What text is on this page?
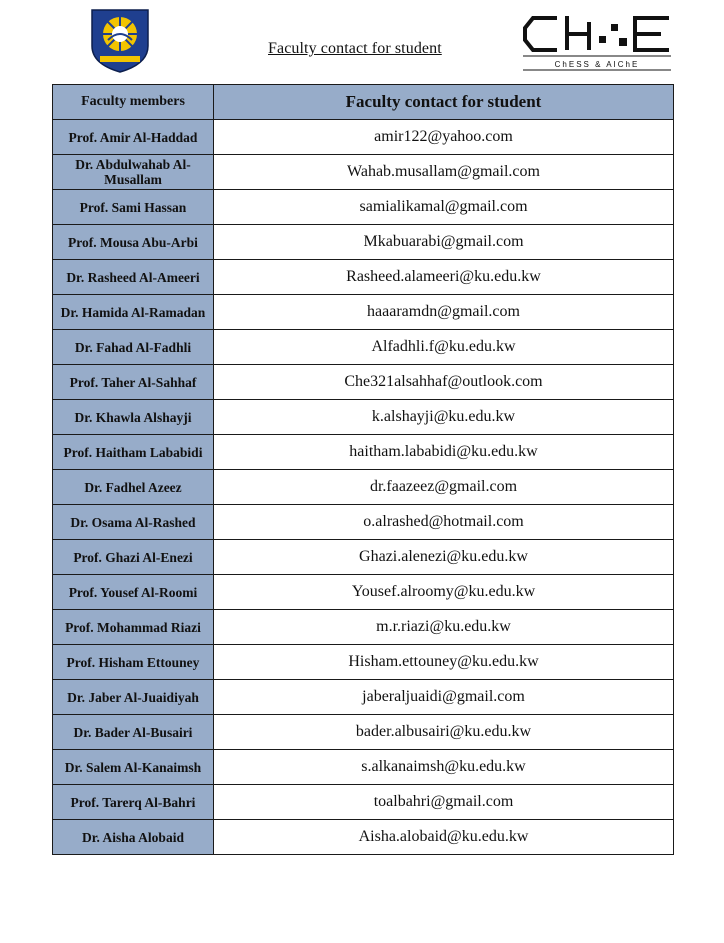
Faculty contact for student
ChESS & AIChE
Faculty members	Faculty contact for student
Prof. Amir Al-Haddad	amir122@yahoo.com
Dr. Abdulwahab Al-Musallam	Wahab.musallam@gmail.com
Prof. Sami Hassan	samialikamal@gmail.com
Prof. Mousa Abu-Arbi	Mkabuarabi@gmail.com
Dr. Rasheed Al-Ameeri	Rasheed.alameeri@ku.edu.kw
Dr. Hamida Al-Ramadan	haaaramdn@gmail.com
Dr. Fahad Al-Fadhli	Alfadhli.f@ku.edu.kw
Prof. Taher Al-Sahhaf	Che321alsahhaf@outlook.com
Dr. Khawla Alshayji	k.alshayji@ku.edu.kw
Prof. Haitham Lababidi	haitham.lababidi@ku.edu.kw
Dr. Fadhel Azeez	dr.faazeez@gmail.com
Dr. Osama Al-Rashed	o.alrashed@hotmail.com
Prof. Ghazi Al-Enezi	Ghazi.alenezi@ku.edu.kw
Prof. Yousef Al-Roomi	Yousef.alroomy@ku.edu.kw
Prof. Mohammad Riazi	m.r.riazi@ku.edu.kw
Prof. Hisham Ettouney	Hisham.ettouney@ku.edu.kw
Dr. Jaber Al-Juaidiyah	jaberaljuaidi@gmail.com
Dr. Bader Al-Busairi	bader.albusairi@ku.edu.kw
Dr. Salem Al-Kanaimsh	s.alkanaimsh@ku.edu.kw
Prof. Tarerq Al-Bahri	toalbahri@gmail.com
Dr. Aisha Alobaid	Aisha.alobaid@ku.edu.kw
